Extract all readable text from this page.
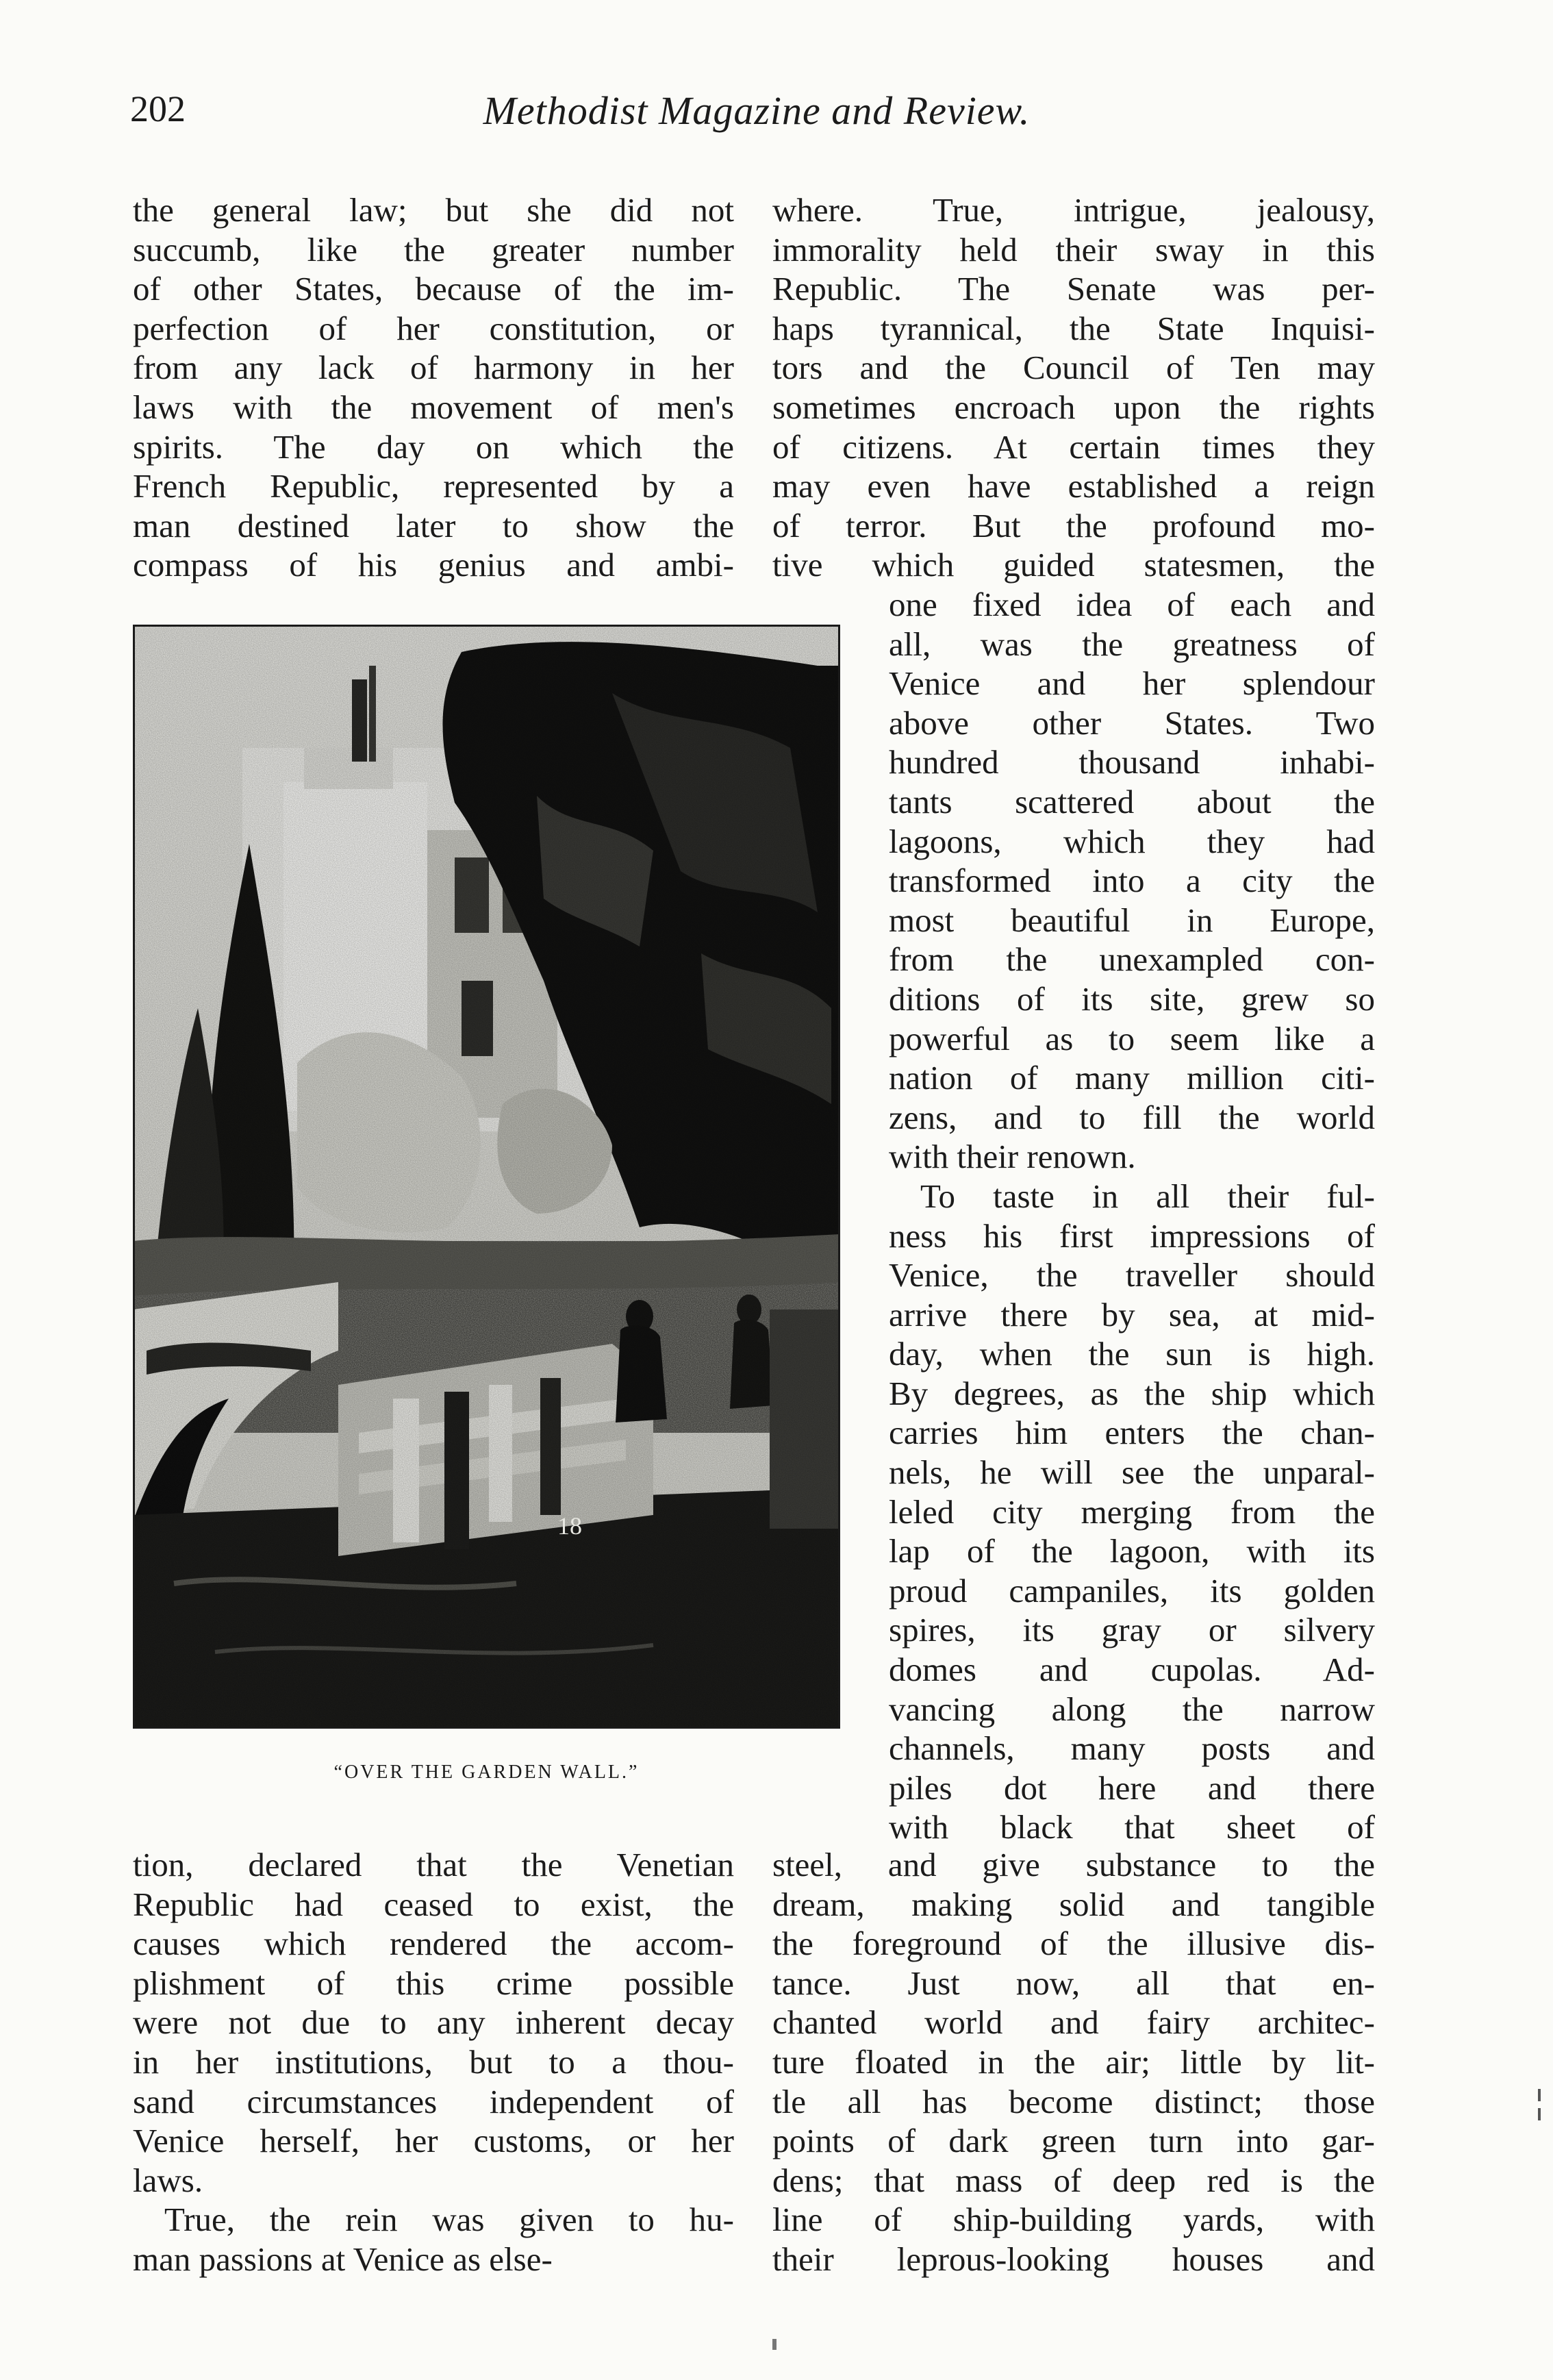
202	Methodist Magazine and Review.
the general law; but she did not
succumb, like the greater number
of other States, because of the im-
perfection of her constitution, or
from any lack of harmony in her
laws with the movement of men's
spirits. The day on which the
French Republic, represented by a
man destined later to show the
compass of his genius and ambi-
18
“OVER THE GARDEN WALL.”
tion, declared that the Venetian
Republic had ceased to exist, the
causes which rendered the accom-
plishment of this crime possible
were not due to any inherent decay
in her institutions, but to a thou-
sand circumstances independent of
Venice herself, her customs, or her
laws.
True, the rein was given to hu-
man passions at Venice as else-
where. True, intrigue, jealousy,
immorality held their sway in this
Republic. The Senate was per-
haps tyrannical, the State Inquisi-
tors and the Council of Ten may
sometimes encroach upon the rights
of citizens. At certain times they
may even have established a reign
of terror. But the profound mo-
tive which guided statesmen, the
one fixed idea of each and
all, was the greatness of
Venice and her splendour
above other States. Two
hundred thousand inhabi-
tants scattered about the
lagoons, which they had
transformed into a city the
most beautiful in Europe,
from the unexampled con-
ditions of its site, grew so
powerful as to seem like a
nation of many million citi-
zens, and to fill the world
with their renown.
To taste in all their ful-
ness his first impressions of
Venice, the traveller should
arrive there by sea, at mid-
day, when the sun is high.
By degrees, as the ship which
carries him enters the chan-
nels, he will see the unparal-
leled city merging from the
lap of the lagoon, with its
proud campaniles, its golden
spires, its gray or silvery
domes and cupolas. Ad-
vancing along the narrow
channels, many posts and
piles dot here and there
with black that sheet of
steel, and give substance to the
dream, making solid and tangible
the foreground of the illusive dis-
tance. Just now, all that en-
chanted world and fairy architec-
ture floated in the air; little by lit-
tle all has become distinct; those
points of dark green turn into gar-
dens; that mass of deep red is the
line of ship-building yards, with
their leprous-looking houses and
